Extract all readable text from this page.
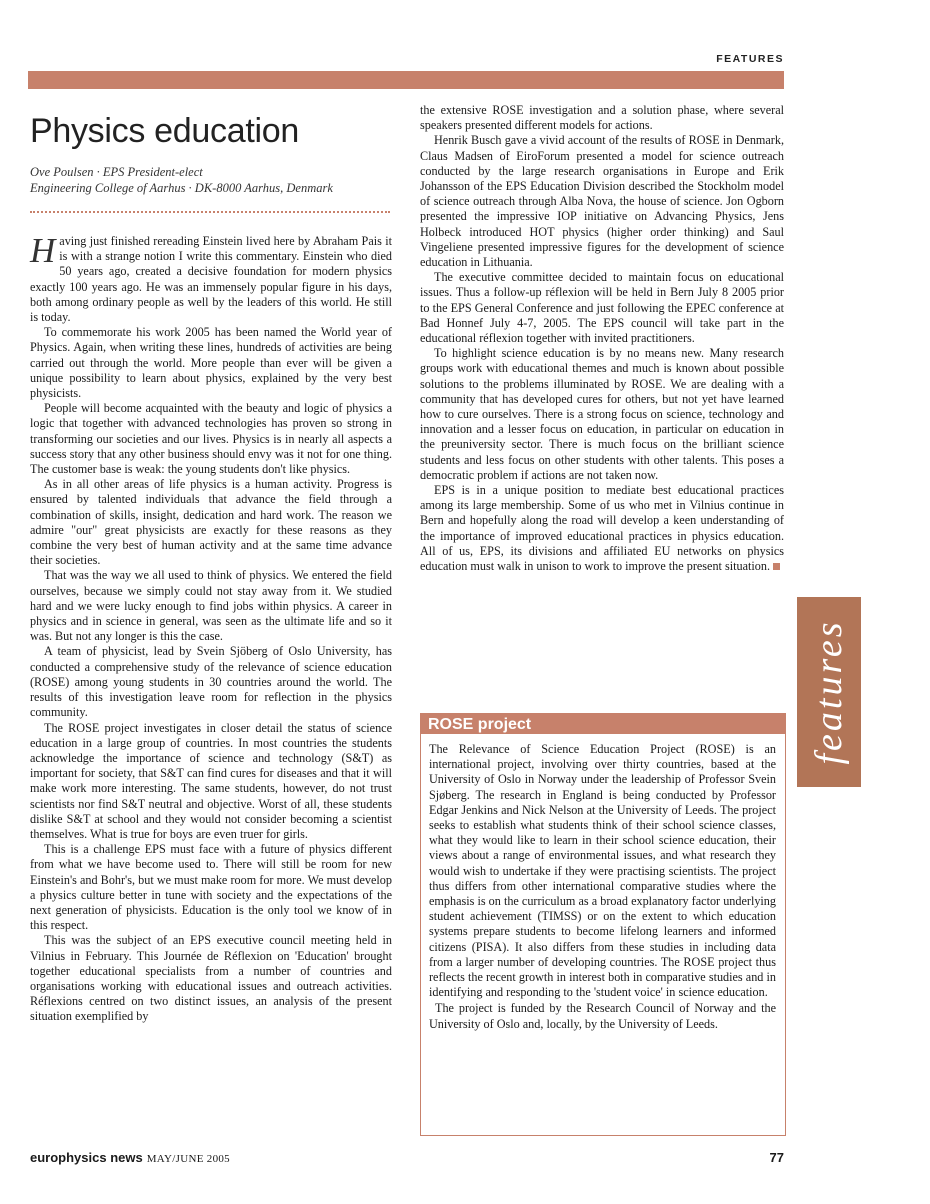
FEATURES
Physics education
Ove Poulsen · EPS President-elect
Engineering College of Aarhus · DK-8000 Aarhus, Denmark

Having just finished rereading Einstein lived here by Abraham Pais it is with a strange notion I write this commentary. Einstein who died 50 years ago, created a decisive foundation for modern physics exactly 100 years ago. He was an immensely popular figure in his days, both among ordinary people as well by the leaders of this world. He still is today.

To commemorate his work 2005 has been named the World year of Physics. Again, when writing these lines, hundreds of activities are being carried out through the world. More people than ever will be given a unique possibility to learn about physics, explained by the very best physicists.

People will become acquainted with the beauty and logic of physics a logic that together with advanced technologies has proven so strong in transforming our societies and our lives. Physics is in nearly all aspects a success story that any other business should envy was it not for one thing. The customer base is weak: the young students don't like physics.

As in all other areas of life physics is a human activity. Progress is ensured by talented individuals that advance the field through a combination of skills, insight, dedication and hard work. The reason we admire "our" great physicists are exactly for these reasons as they combine the very best of human activity and at the same time advance their societies.

That was the way we all used to think of physics. We entered the field ourselves, because we simply could not stay away from it. We studied hard and we were lucky enough to find jobs within physics. A career in physics and in science in general, was seen as the ultimate life and so it was. But not any longer is this the case.

A team of physicist, lead by Svein Sjöberg of Oslo University, has conducted a comprehensive study of the relevance of science education (ROSE) among young students in 30 countries around the world. The results of this investigation leave room for reflection in the physics community.

The ROSE project investigates in closer detail the status of science education in a large group of countries. In most countries the students acknowledge the importance of science and technology (S&T) as important for society, that S&T can find cures for diseases and that it will make work more interesting. The same students, however, do not trust scientists nor find S&T neutral and objective. Worst of all, these students dislike S&T at school and they would not consider becoming a scientist themselves. What is true for boys are even truer for girls.

This is a challenge EPS must face with a future of physics different from what we have become used to. There will still be room for new Einstein's and Bohr's, but we must make room for more. We must develop a physics culture better in tune with society and the expectations of the next generation of physicists. Education is the only tool we know of in this respect.

This was the subject of an EPS executive council meeting held in Vilnius in February. This Journée de Réflexion on 'Education' brought together educational specialists from a number of countries and organisations working with educational issues and outreach activities. Réflexions centred on two distinct issues, an analysis of the present situation exemplified by

the extensive ROSE investigation and a solution phase, where several speakers presented different models for actions.

Henrik Busch gave a vivid account of the results of ROSE in Denmark, Claus Madsen of EiroForum presented a model for science outreach conducted by the large research organisations in Europe and Erik Johansson of the EPS Education Division described the Stockholm model of science outreach through Alba Nova, the house of science. Jon Ogborn presented the impressive IOP initiative on Advancing Physics, Jens Holbeck introduced HOT physics (higher order thinking) and Saul Vingeliene presented impressive figures for the development of science education in Lithuania.

The executive committee decided to maintain focus on educational issues. Thus a follow-up réflexion will be held in Bern July 8 2005 prior to the EPS General Conference and just following the EPEC conference at Bad Honnef July 4-7, 2005. The EPS council will take part in the educational réflexion together with invited practitioners.

To highlight science education is by no means new. Many research groups work with educational themes and much is known about possible solutions to the problems illuminated by ROSE. We are dealing with a community that has developed cures for others, but not yet have learned how to cure ourselves. There is a strong focus on science, technology and innovation and a lesser focus on education, in particular on education in the preuniversity sector. There is much focus on the brilliant science students and less focus on other students with other talents. This poses a democratic problem if actions are not taken now.

EPS is in a unique position to mediate best educational practices among its large membership. Some of us who met in Vilnius continue in Bern and hopefully along the road will develop a keen understanding of the importance of improved educational practices in physics education. All of us, EPS, its divisions and affiliated EU networks on physics education must walk in unison to work to improve the present situation.

ROSE project

The Relevance of Science Education Project (ROSE) is an international project, involving over thirty countries, based at the University of Oslo in Norway under the leadership of Professor Svein Sjøberg. The research in England is being conducted by Professor Edgar Jenkins and Nick Nelson at the University of Leeds. The project seeks to establish what students think of their school science classes, what they would like to learn in their school science education, their views about a range of environmental issues, and what research they would wish to undertake if they were practising scientists. The project thus differs from other international comparative studies where the emphasis is on the curriculum as a broad explanatory factor underlying student achievement (TIMSS) or on the extent to which education systems prepare students to become lifelong learners and informed citizens (PISA). It also differs from these studies in including data from a larger number of developing countries. The ROSE project thus reflects the recent growth in interest both in comparative studies and in identifying and responding to the 'student voice' in science education.

The project is funded by the Research Council of Norway and the University of Oslo and, locally, by the University of Leeds.

features
europhysics news MAY/JUNE 2005	77
